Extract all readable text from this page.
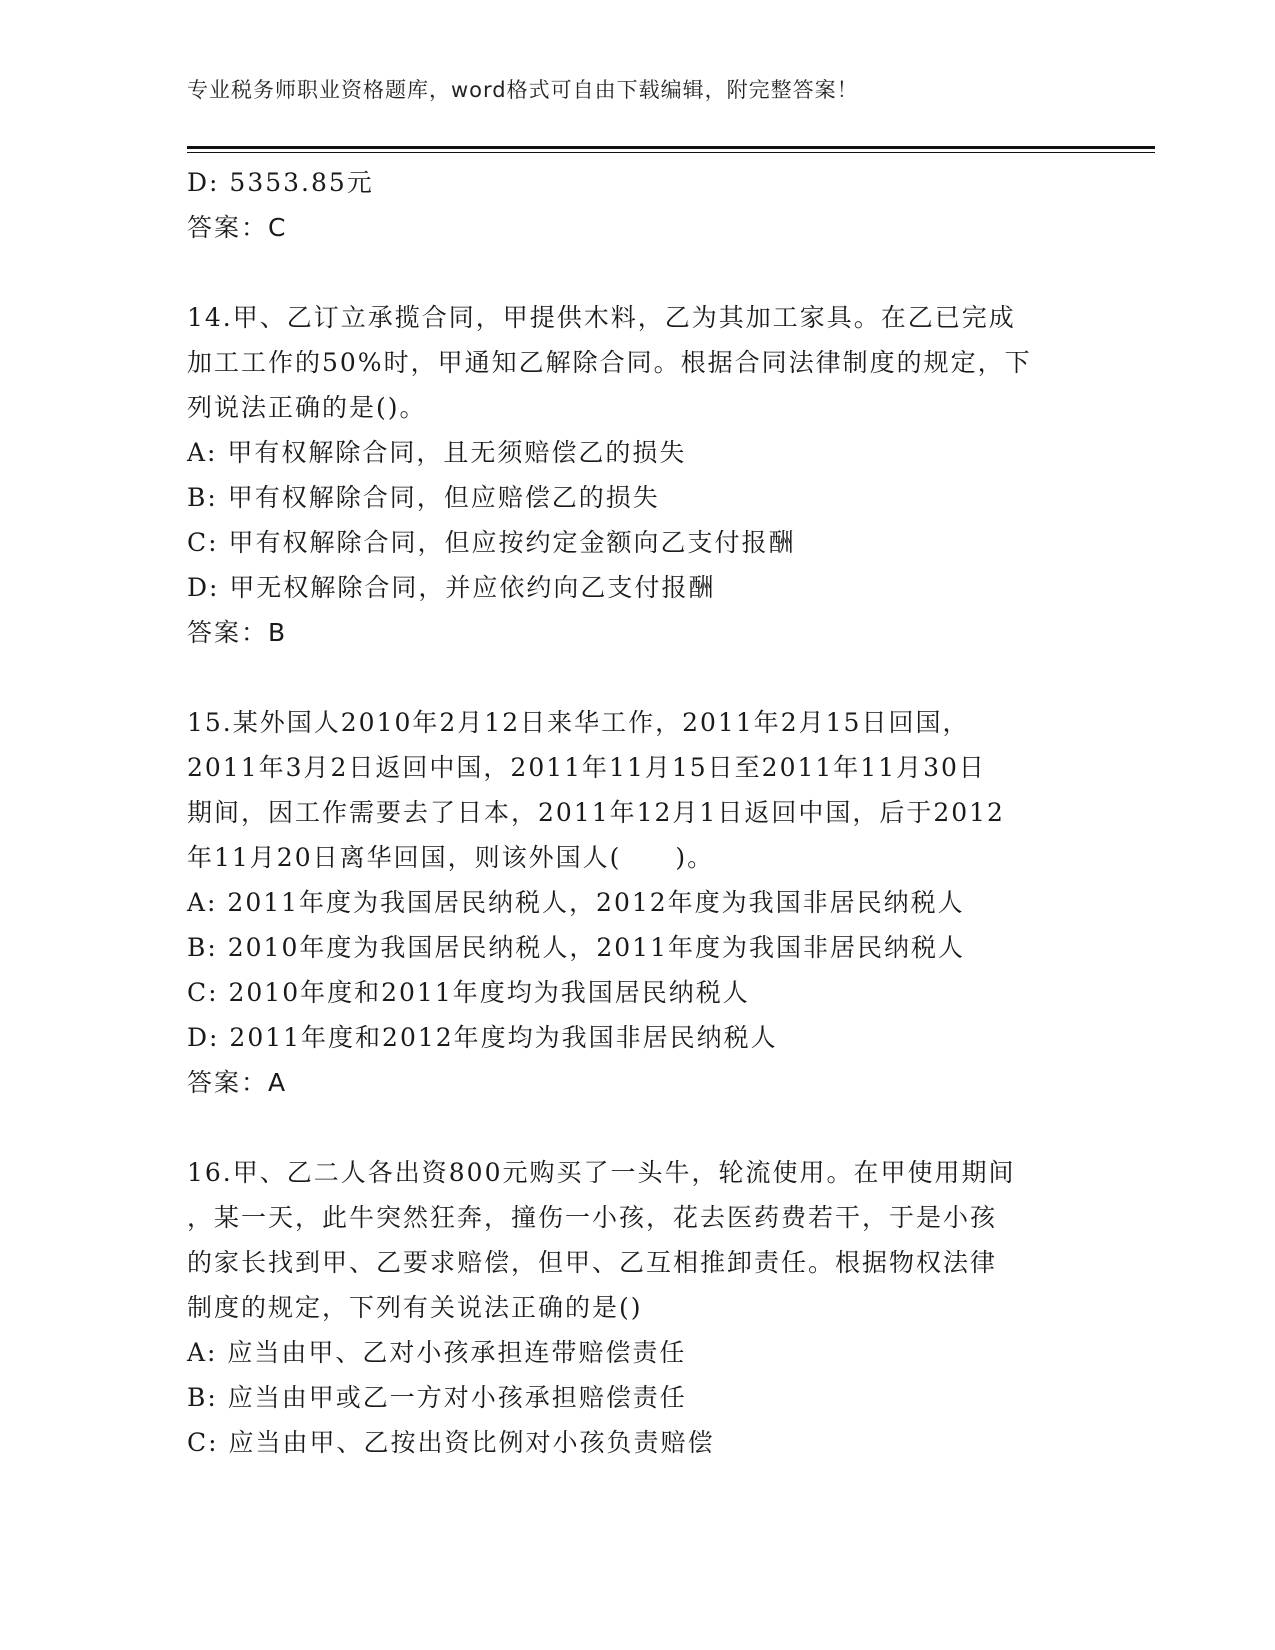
专业税务师职业资格题库，word格式可自由下载编辑，附完整答案！
D: 5353.85元
答案：C
14.甲、乙订立承揽合同，甲提供木料，乙为其加工家具。在乙已完成
加工工作的50%时，甲通知乙解除合同。根据合同法律制度的规定，下
列说法正确的是()。
A: 甲有权解除合同，且无须赔偿乙的损失
B: 甲有权解除合同，但应赔偿乙的损失
C: 甲有权解除合同，但应按约定金额向乙支付报酬
D: 甲无权解除合同，并应依约向乙支付报酬
答案：B
15.某外国人2010年2月12日来华工作，2011年2月15日回国，
2011年3月2日返回中国，2011年11月15日至2011年11月30日
期间，因工作需要去了日本，2011年12月1日返回中国，后于2012
年11月20日离华回国，则该外国人(　　)。
A: 2011年度为我国居民纳税人，2012年度为我国非居民纳税人
B: 2010年度为我国居民纳税人，2011年度为我国非居民纳税人
C: 2010年度和2011年度均为我国居民纳税人
D: 2011年度和2012年度均为我国非居民纳税人
答案：A
16.甲、乙二人各出资800元购买了一头牛，轮流使用。在甲使用期间
，某一天，此牛突然狂奔，撞伤一小孩，花去医药费若干，于是小孩
的家长找到甲、乙要求赔偿，但甲、乙互相推卸责任。根据物权法律
制度的规定，下列有关说法正确的是()
A: 应当由甲、乙对小孩承担连带赔偿责任
B: 应当由甲或乙一方对小孩承担赔偿责任
C: 应当由甲、乙按出资比例对小孩负责赔偿
